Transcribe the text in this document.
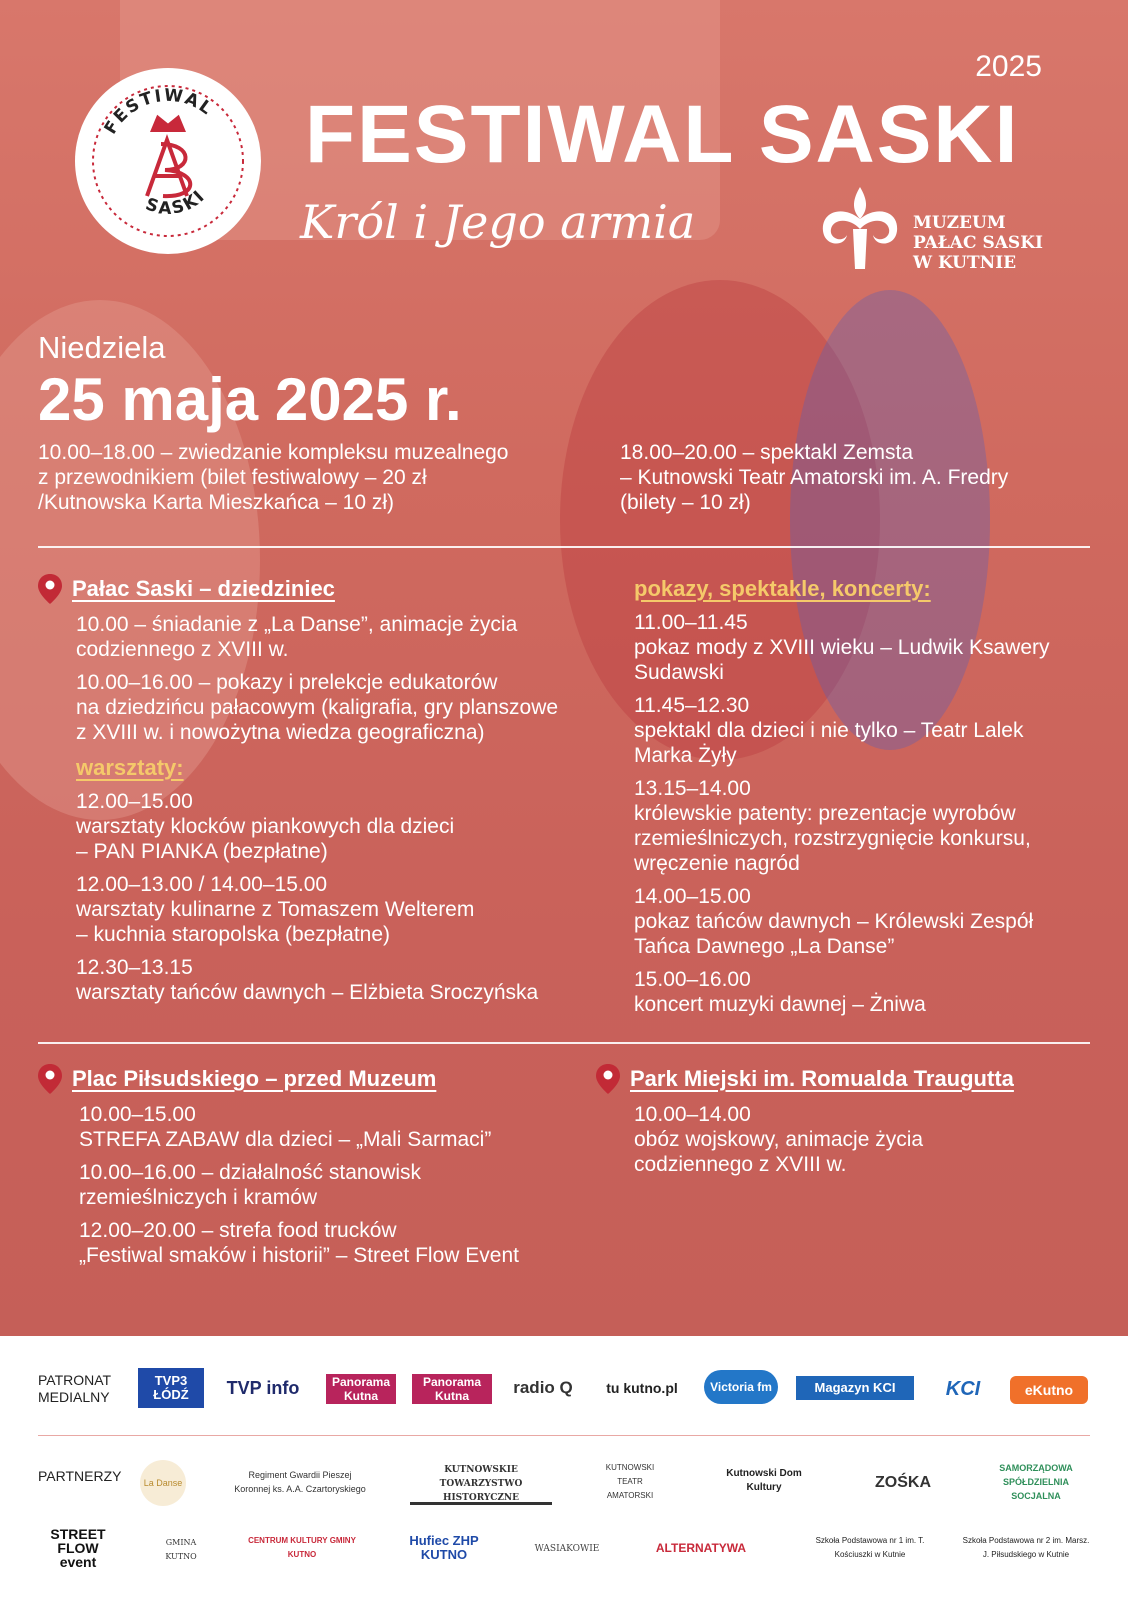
FESTIWAL
SASKI
2025
FESTIWAL SASKI
Król i Jego armia	MUZEUM
PAŁAC SASKI
W KUTNIE
Niedziela
25 maja 2025 r.
10.00–18.00 – zwiedzanie kompleksu muzealnego
z przewodnikiem (bilet festiwalowy – 20 zł
/Kutnowska Karta Mieszkańca – 10 zł)
18.00–20.00 – spektakl Zemsta
– Kutnowski Teatr Amatorski im. A. Fredry
(bilety – 10 zł)
Pałac Saski – dziedziniec
10.00 – śniadanie z „La Danse”, animacje życia
codziennego z XVIII w.
10.00–16.00 – pokazy i prelekcje edukatorów
na dziedzińcu pałacowym (kaligrafia, gry planszowe
z XVIII w. i nowożytna wiedza geograficzna)
warsztaty:
12.00–15.00
warsztaty klocków piankowych dla dzieci
– PAN PIANKA (bezpłatne)
12.00–13.00 / 14.00–15.00
warsztaty kulinarne z Tomaszem Welterem
– kuchnia staropolska (bezpłatne)
12.30–13.15
warsztaty tańców dawnych – Elżbieta Sroczyńska
pokazy, spektakle, koncerty:
11.00–11.45
pokaz mody z XVIII wieku – Ludwik Ksawery
Sudawski
11.45–12.30
spektakl dla dzieci i nie tylko – Teatr Lalek
Marka Żyły
13.15–14.00
królewskie patenty: prezentacje wyrobów
rzemieślniczych, rozstrzygnięcie konkursu,
wręczenie nagród
14.00–15.00
pokaz tańców dawnych – Królewski Zespół
Tańca Dawnego „La Danse”
15.00–16.00
koncert muzyki dawnej – Żniwa
Plac Piłsudskiego – przed Muzeum
10.00–15.00
STREFA ZABAW dla dzieci – „Mali Sarmaci”
10.00–16.00 – działalność stanowisk
rzemieślniczych i kramów
12.00–20.00 – strefa food trucków
„Festiwal smaków i historii” – Street Flow Event
Park Miejski im. Romualda Traugutta
10.00–14.00
obóz wojskowy, animacje życia
codziennego z XVIII w.
PATRONAT
MEDIALNY
TVP3 ŁÓDŹ	TVP info	Panorama Kutna
Panorama Kutna	radio Q	tu kutno.pl	Victoria fm	Magazyn KCI	KCI	eKutno
PARTNERZY	La Danse
Regiment Gwardii Pieszej Koronnej ks. A.A. Czartoryskiego
KUTNOWSKIE TOWARZYSTWO HISTORYCZNE
KUTNOWSKI TEATR AMATORSKI
Kutnowski Dom Kultury	ZOŚKA
SAMORZĄDOWA SPÓŁDZIELNIA SOCJALNA
STREET FLOW event
GMINA KUTNO
CENTRUM KULTURY GMINY KUTNO
Hufiec ZHP KUTNO	WASIAKOWIE	ALTERNATYWA
Szkoła Podstawowa nr 1 im. T. Kościuszki w Kutnie
Szkoła Podstawowa nr 2 im. Marsz. J. Piłsudskiego w Kutnie
